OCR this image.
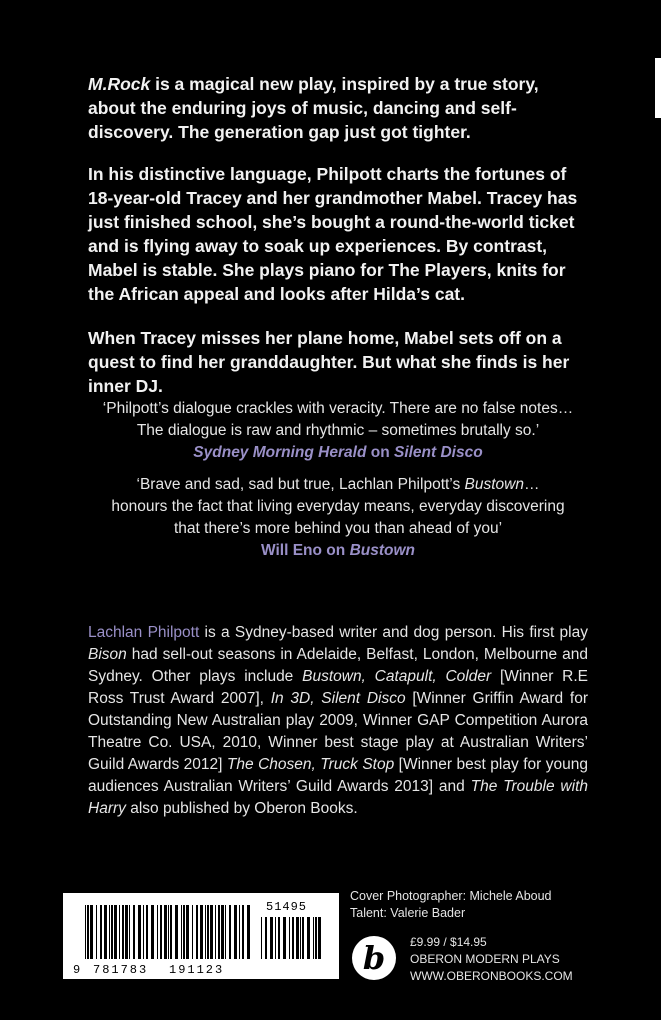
M.Rock is a magical new play, inspired by a true story, about the enduring joys of music, dancing and self-discovery. The generation gap just got tighter.

In his distinctive language, Philpott charts the fortunes of 18-year-old Tracey and her grandmother Mabel. Tracey has just finished school, she’s bought a round-the-world ticket and is flying away to soak up experiences. By contrast, Mabel is stable. She plays piano for The Players, knits for the African appeal and looks after Hilda’s cat.

When Tracey misses her plane home, Mabel sets off on a quest to find her granddaughter. But what she finds is her inner DJ.

‘Philpott’s dialogue crackles with veracity. There are no false notes…
The dialogue is raw and rhythmic – sometimes brutally so.’
Sydney Morning Herald on Silent Disco
‘Brave and sad, sad but true, Lachlan Philpott’s Bustown…
honours the fact that living everyday means, everyday discovering
that there’s more behind you than ahead of you’
Will Eno on Bustown

Lachlan Philpott is a Sydney-based writer and dog person. His first play Bison had sell-out seasons in Adelaide, Belfast, London, Melbourne and Sydney. Other plays include Bustown, Catapult, Colder [Winner R.E Ross Trust Award 2007], In 3D, Silent Disco [Winner Griffin Award for Outstanding New Australian play 2009, Winner GAP Competition Aurora Theatre Co. USA, 2010, Winner best stage play at Australian Writers’ Guild Awards 2012] The Chosen, Truck Stop [Winner best play for young audiences Australian Writers’ Guild Awards 2013] and The Trouble with Harry also published by Oberon Books.

9 781783 191123
51495
Cover Photographer: Michele Aboud
Talent: Valerie Bader
b £9.99 / $14.95
OBERON MODERN PLAYS
WWW.OBERONBOOKS.COM
